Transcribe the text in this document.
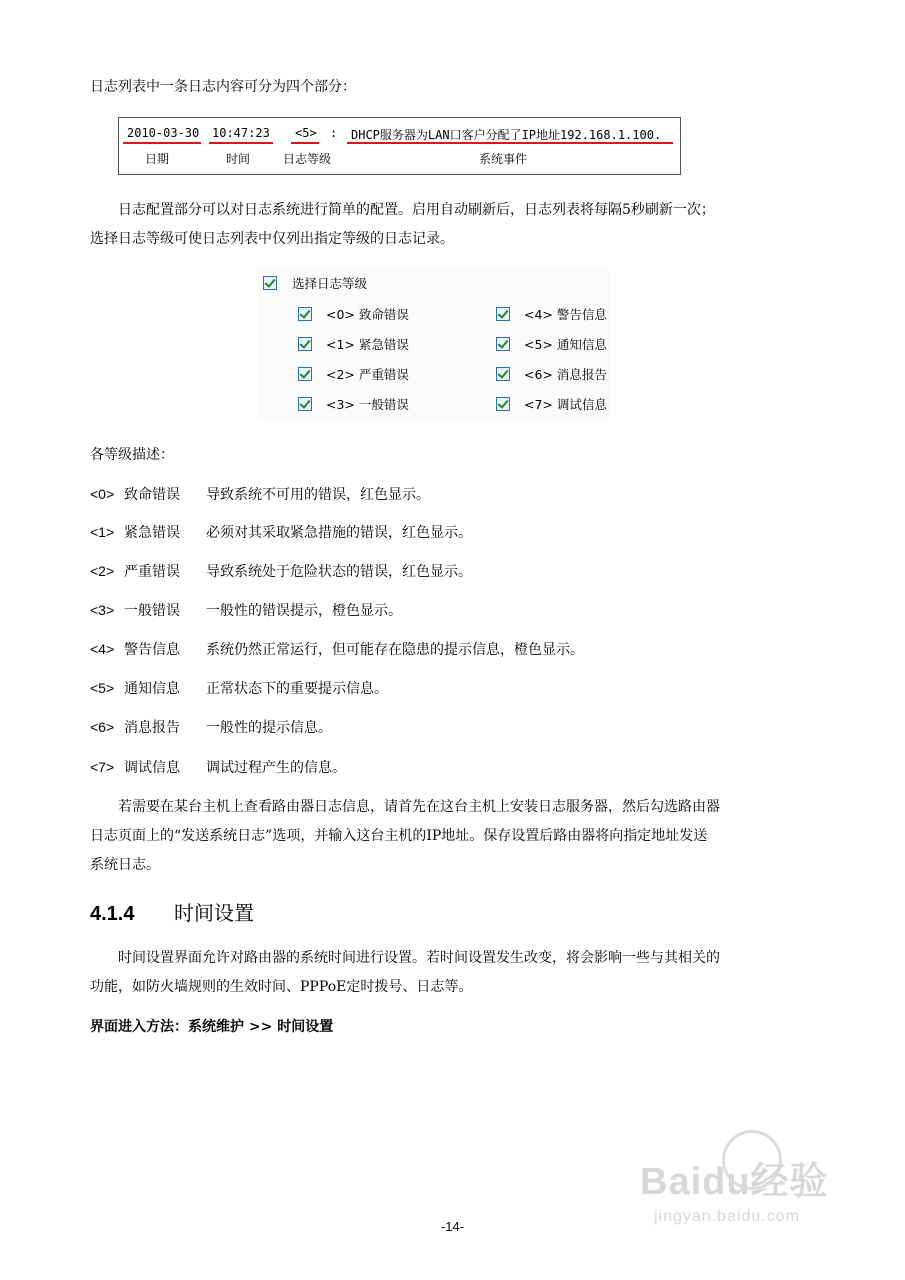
日志列表中一条日志内容可分为四个部分：
2010-03-30 10:47:23 <5> : DHCP服务器为LAN口客户分配了IP地址192.168.1.100.
日期	时间	日志等级	系统事件
日志配置部分可以对日志系统进行简单的配置。启用自动刷新后，日志列表将每隔5秒刷新一次；
选择日志等级可使日志列表中仅列出指定等级的日志记录。
选择日志等级
<0> 致命错误
<1> 紧急错误
<2> 严重错误
<3> 一般错误
<4> 警告信息
<5> 通知信息
<6> 消息报告
<7> 调试信息
各等级描述：
<0> 致命错误 导致系统不可用的错误，红色显示。
<1> 紧急错误 必须对其采取紧急措施的错误，红色显示。
<2> 严重错误 导致系统处于危险状态的错误，红色显示。
<3> 一般错误 一般性的错误提示，橙色显示。
<4> 警告信息 系统仍然正常运行，但可能存在隐患的提示信息，橙色显示。
<5> 通知信息 正常状态下的重要提示信息。
<6> 消息报告 一般性的提示信息。
<7> 调试信息 调试过程产生的信息。
若需要在某台主机上查看路由器日志信息，请首先在这台主机上安装日志服务器，然后勾选路由器
日志页面上的“发送系统日志”选项，并输入这台主机的IP地址。保存设置后路由器将向指定地址发送
系统日志。
4.1.4 时间设置
时间设置界面允许对路由器的系统时间进行设置。若时间设置发生改变，将会影响一些与其相关的
功能，如防火墙规则的生效时间、PPPoE定时拨号、日志等。
界面进入方法：系统维护 >> 时间设置
Baidu经验
jingyan.baidu.com
-14-
